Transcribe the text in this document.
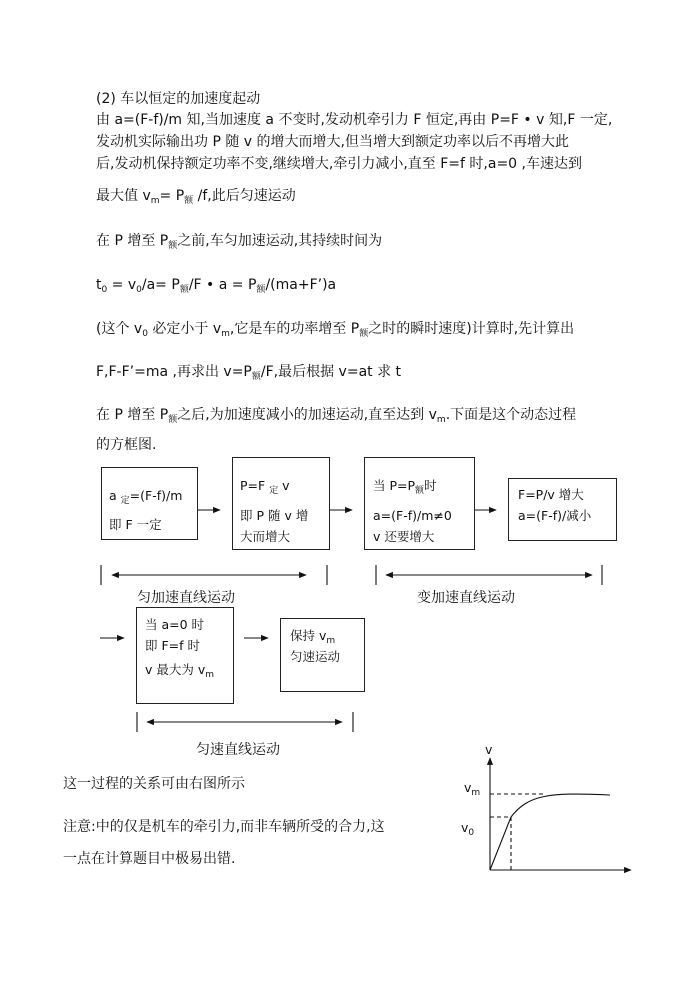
(2) 车以恒定的加速度起动
由 a=(F-f)/m 知,当加速度 a 不变时,发动机牵引力 F 恒定,再由 P=F • v 知,F 一定,
发动机实际输出功 P 随 v 的增大而增大,但当增大到额定功率以后不再增大此
后,发动机保持额定功率不变,继续增大,牵引力减小,直至 F=f 时,a=0 ,车速达到
最大值 $v_m= P_额$ /f,此后匀速运动
在 P 增至 $P_额$之前,车匀加速运动,其持续时间为
$t_0 = v_0/a= P_额/F$ • $a = P_额/(ma+F’)a$
(这个 $v_0$ 必定小于 $v_m$,它是车的功率增至 $P_额$之时的瞬时速度)计算时,先计算出
F,F-F’=ma ,再求出 $v=P_额/F$,最后根据 v=at 求 t
在 P 增至 $P_额$之后,为加速度减小的加速运动,直至达到 $v_m$.下面是这个动态过程
的方框图.
a $_定$=(F-f)/m
即 F 一定
P=F $_定$ v
即 P 随 v 增
大而增大
当 $P=P_额$时
a=(F-f)/m≠0
v 还要增大
F=P/v 增大
a=(F-f)/减小
匀加速直线运动	变加速直线运动
当 a=0 时
即 F=f 时
v 最大为 $v_m$
保持 $v_m$
匀速运动
匀速直线运动	v
$v_m$
$v_0$
这一过程的关系可由右图所示
注意:中的仅是机车的牵引力,而非车辆所受的合力,这
一点在计算题目中极易出错.
